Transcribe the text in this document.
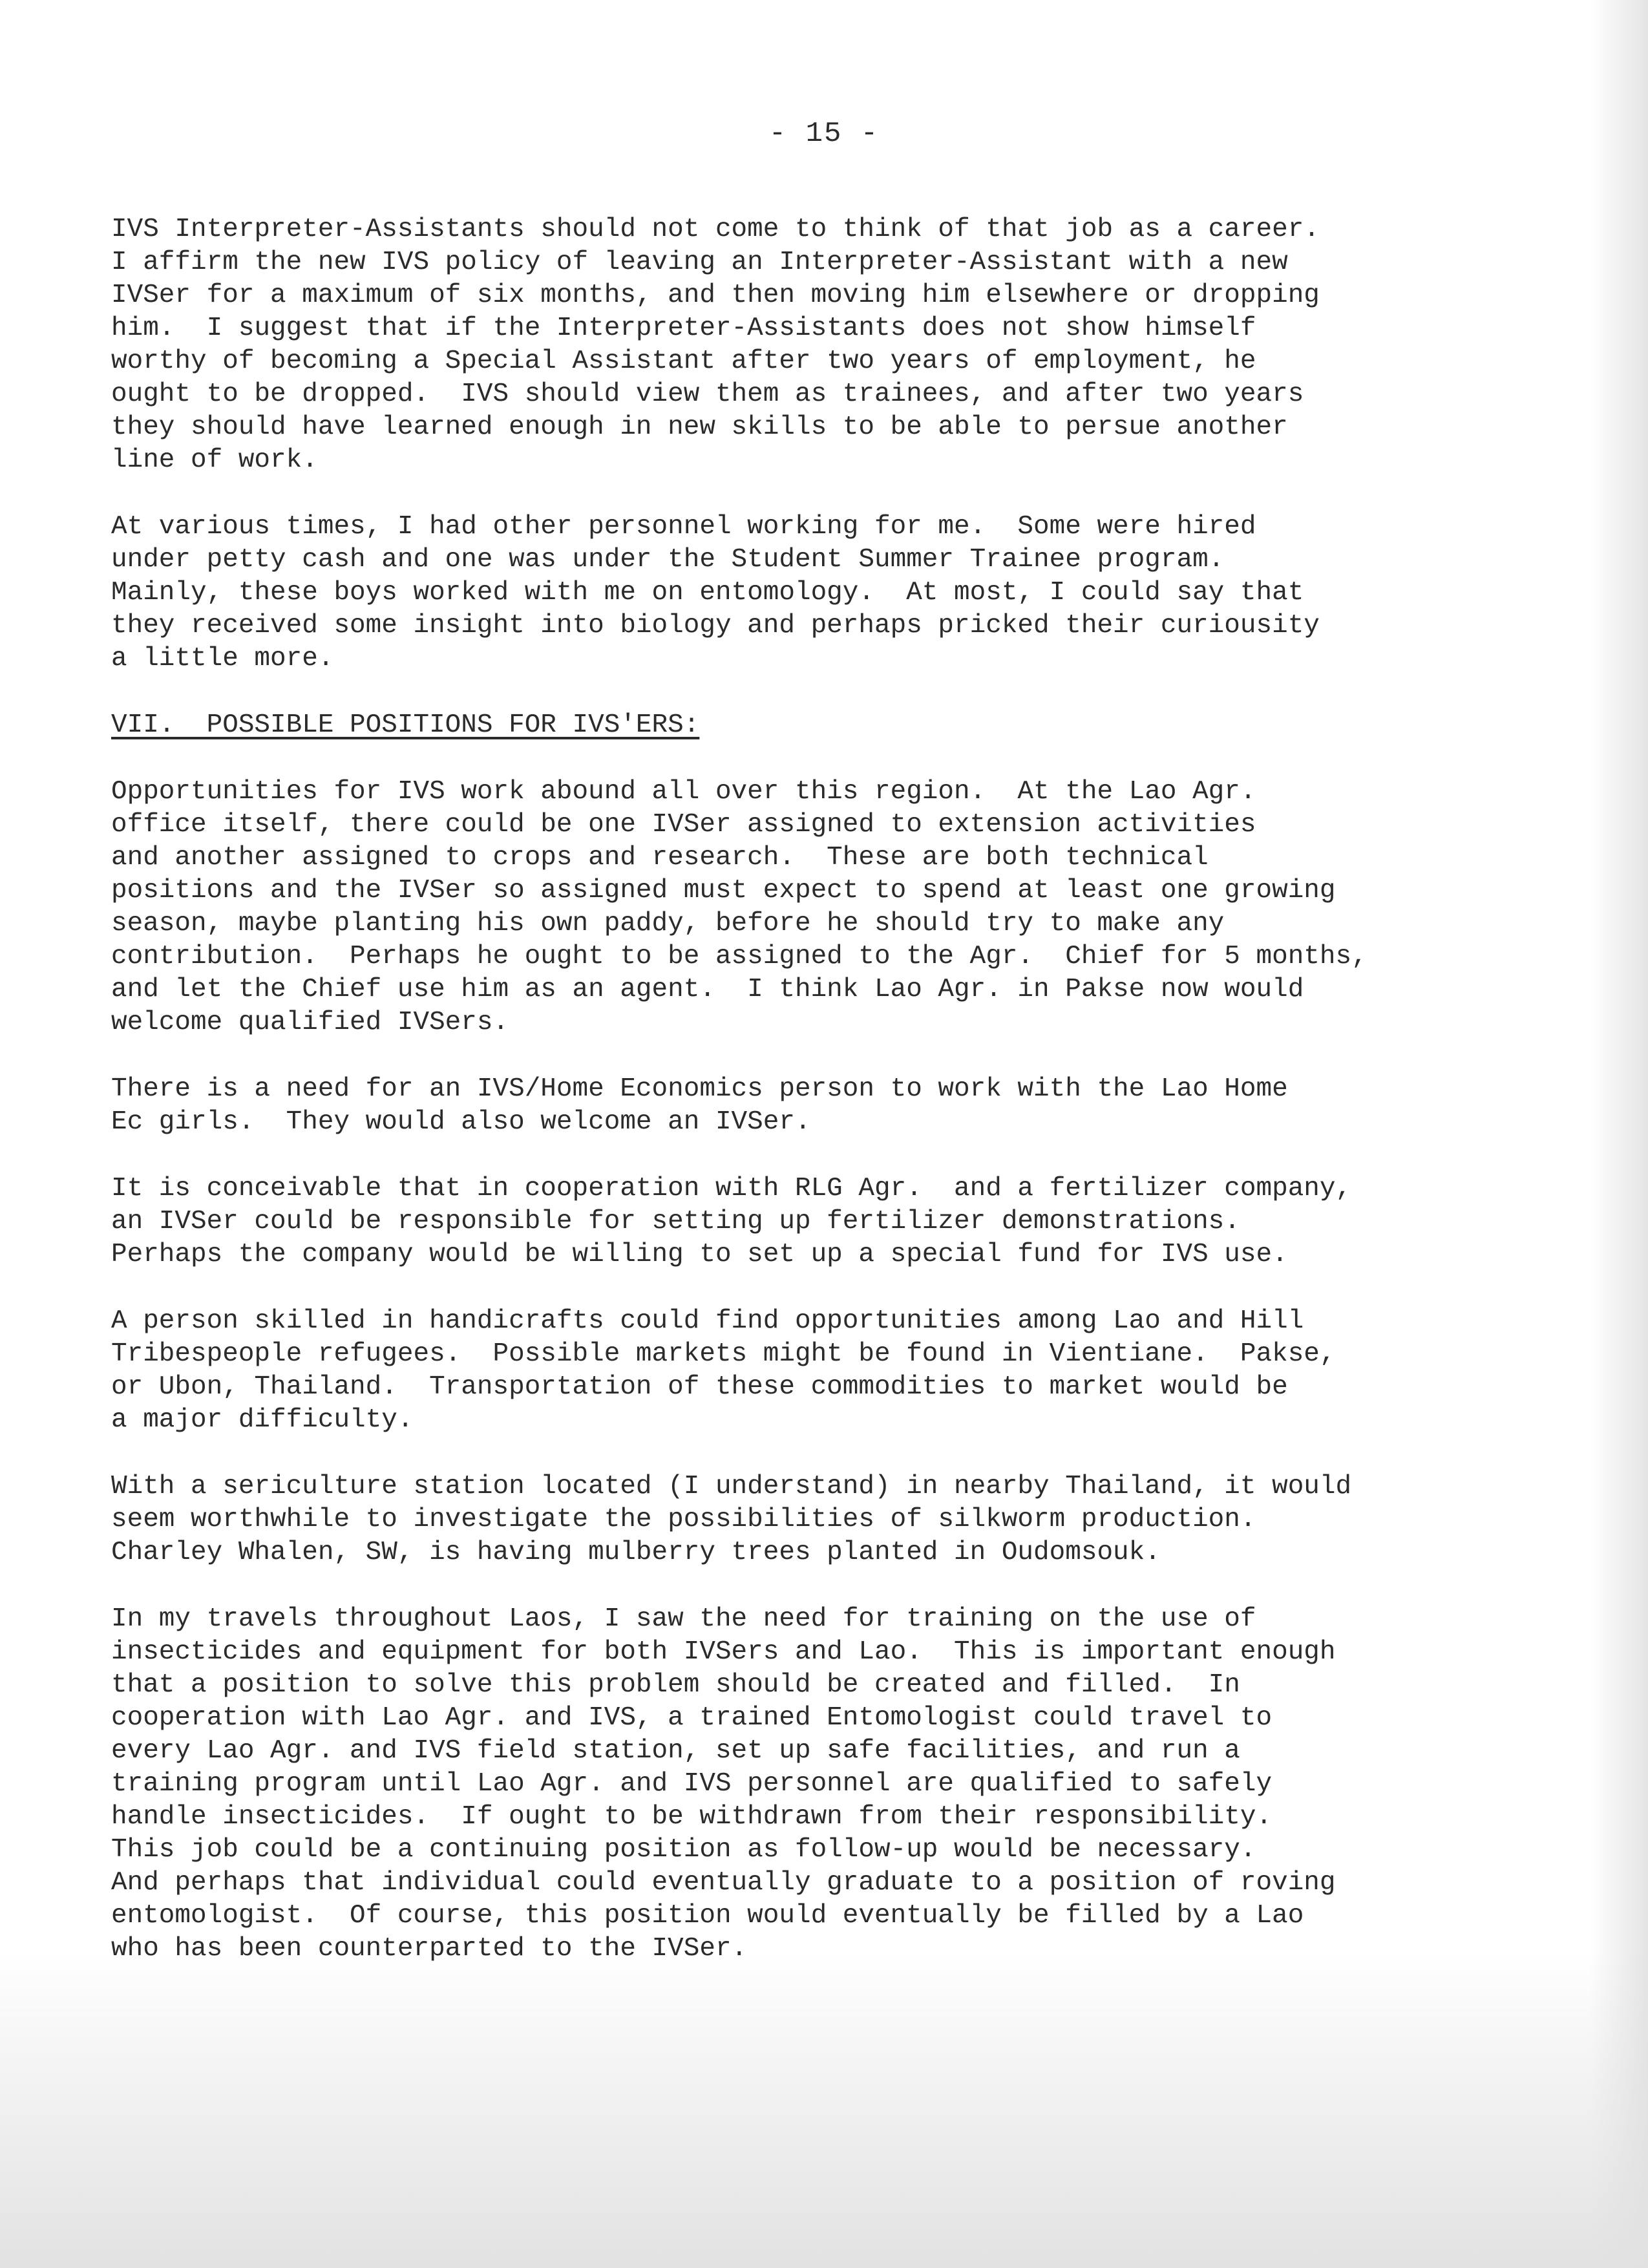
- 15 -
IVS Interpreter-Assistants should not come to think of that job as a career.
I affirm the new IVS policy of leaving an Interpreter-Assistant with a new
IVSer for a maximum of six months, and then moving him elsewhere or dropping
him.  I suggest that if the Interpreter-Assistants does not show himself
worthy of becoming a Special Assistant after two years of employment, he
ought to be dropped.  IVS should view them as trainees, and after two years
they should have learned enough in new skills to be able to persue another
line of work.
At various times, I had other personnel working for me.  Some were hired
under petty cash and one was under the Student Summer Trainee program.
Mainly, these boys worked with me on entomology.  At most, I could say that
they received some insight into biology and perhaps pricked their curiousity
a little more.
VII.  POSSIBLE POSITIONS FOR IVS'ERS:
Opportunities for IVS work abound all over this region.  At the Lao Agr.
office itself, there could be one IVSer assigned to extension activities
and another assigned to crops and research.  These are both technical
positions and the IVSer so assigned must expect to spend at least one growing
season, maybe planting his own paddy, before he should try to make any
contribution.  Perhaps he ought to be assigned to the Agr.  Chief for 5 months,
and let the Chief use him as an agent.  I think Lao Agr. in Pakse now would
welcome qualified IVSers.
There is a need for an IVS/Home Economics person to work with the Lao Home
Ec girls.  They would also welcome an IVSer.
It is conceivable that in cooperation with RLG Agr.  and a fertilizer company,
an IVSer could be responsible for setting up fertilizer demonstrations.
Perhaps the company would be willing to set up a special fund for IVS use.
A person skilled in handicrafts could find opportunities among Lao and Hill
Tribespeople refugees.  Possible markets might be found in Vientiane.  Pakse,
or Ubon, Thailand.  Transportation of these commodities to market would be
a major difficulty.
With a sericulture station located (I understand) in nearby Thailand, it would
seem worthwhile to investigate the possibilities of silkworm production.
Charley Whalen, SW, is having mulberry trees planted in Oudomsouk.
In my travels throughout Laos, I saw the need for training on the use of
insecticides and equipment for both IVSers and Lao.  This is important enough
that a position to solve this problem should be created and filled.  In
cooperation with Lao Agr. and IVS, a trained Entomologist could travel to
every Lao Agr. and IVS field station, set up safe facilities, and run a
training program until Lao Agr. and IVS personnel are qualified to safely
handle insecticides.  If ought to be withdrawn from their responsibility.
This job could be a continuing position as follow-up would be necessary.
And perhaps that individual could eventually graduate to a position of roving
entomologist.  Of course, this position would eventually be filled by a Lao
who has been counterparted to the IVSer.
